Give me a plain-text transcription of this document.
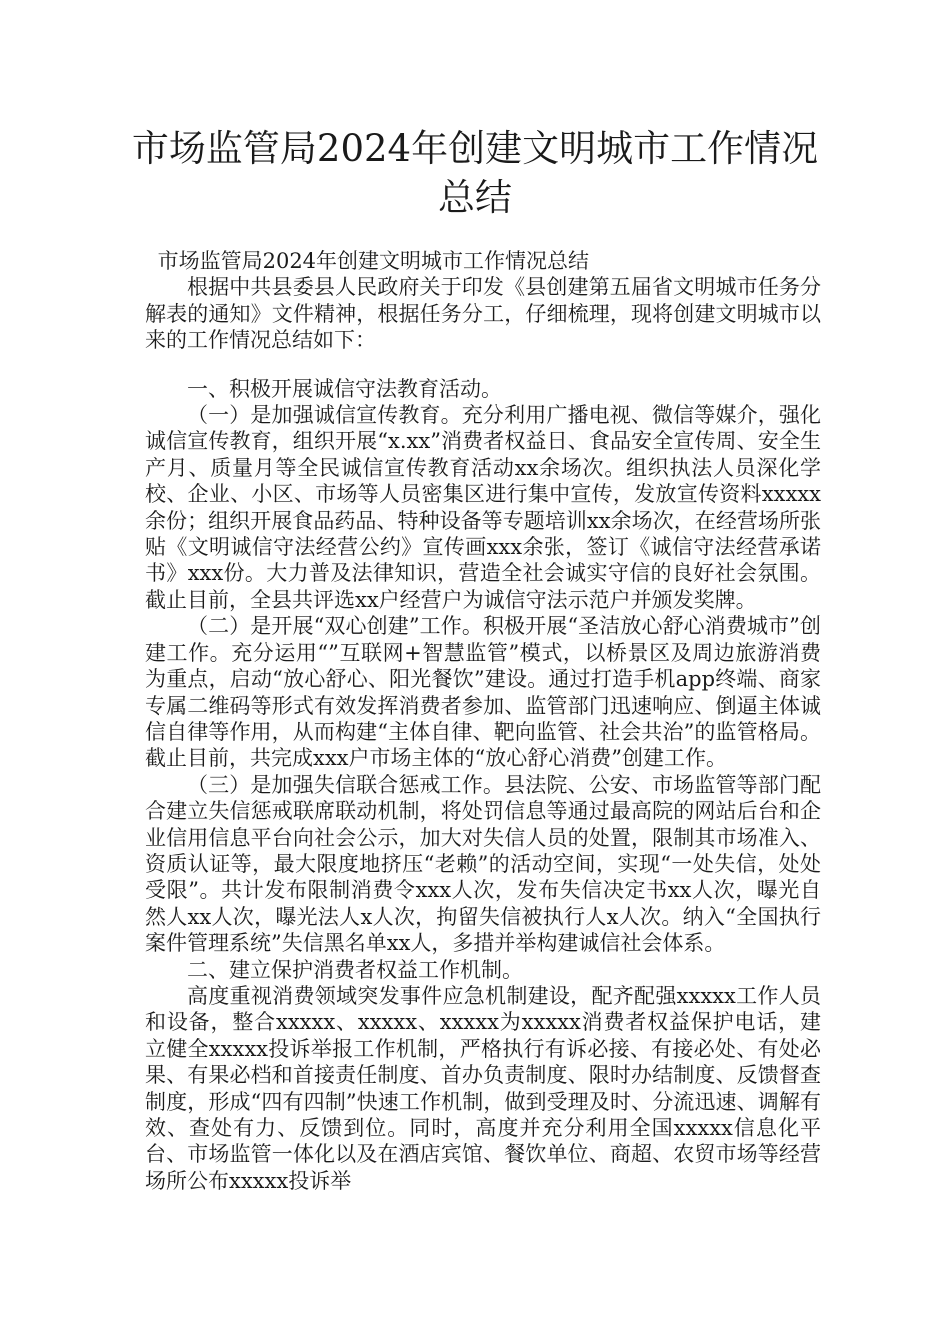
市场监管局2024年创建文明城市工作情况
总结

市场监管局2024年创建文明城市工作情况总结

根据中共县委县人民政府关于印发《县创建第五届省文明城市任务分解表的通知》文件精神，根据任务分工，仔细梳理，现将创建文明城市以来的工作情况总结如下：

一、积极开展诚信守法教育活动。

（一）是加强诚信宣传教育。充分利用广播电视、微信等媒介，强化诚信宣传教育，组织开展“x.xx”消费者权益日、食品安全宣传周、安全生产月、质量月等全民诚信宣传教育活动xx余场次。组织执法人员深化学校、企业、小区、市场等人员密集区进行集中宣传，发放宣传资料xxxxx余份；组织开展食品药品、特种设备等专题培训xx余场次，在经营场所张贴《文明诚信守法经营公约》宣传画xxx余张，签订《诚信守法经营承诺书》xxx份。大力普及法律知识，营造全社会诚实守信的良好社会氛围。截止目前，全县共评选xx户经营户为诚信守法示范户并颁发奖牌。

（二）是开展“双心创建”工作。积极开展“圣洁放心舒心消费城市”创建工作。充分运用“”互联网+智慧监管”模式，以桥景区及周边旅游消费为重点，启动“放心舒心、阳光餐饮”建设。通过打造手机app终端、商家专属二维码等形式有效发挥消费者参加、监管部门迅速响应、倒逼主体诚信自律等作用，从而构建“主体自律、靶向监管、社会共治”的监管格局。截止目前，共完成xxx户市场主体的“放心舒心消费”创建工作。

（三）是加强失信联合惩戒工作。县法院、公安、市场监管等部门配合建立失信惩戒联席联动机制，将处罚信息等通过最高院的网站后台和企业信用信息平台向社会公示，加大对失信人员的处置，限制其市场准入、资质认证等，最大限度地挤压“老赖”的活动空间，实现“一处失信，处处受限”。共计发布限制消费令xxx人次，发布失信决定书xx人次，曝光自然人xx人次，曝光法人x人次，拘留失信被执行人x人次。纳入“全国执行案件管理系统”失信黑名单xx人，多措并举构建诚信社会体系。

二、建立保护消费者权益工作机制。

高度重视消费领域突发事件应急机制建设，配齐配强xxxxx工作人员和设备，整合xxxxx、xxxxx、xxxxx为xxxxx消费者权益保护电话，建立健全xxxxx投诉举报工作机制，严格执行有诉必接、有接必处、有处必果、有果必档和首接责任制度、首办负责制度、限时办结制度、反馈督查制度，形成“四有四制”快速工作机制，做到受理及时、分流迅速、调解有效、查处有力、反馈到位。同时，高度并充分利用全国xxxxx信息化平台、市场监管一体化以及在酒店宾馆、餐饮单位、商超、农贸市场等经营场所公布xxxxx投诉举
